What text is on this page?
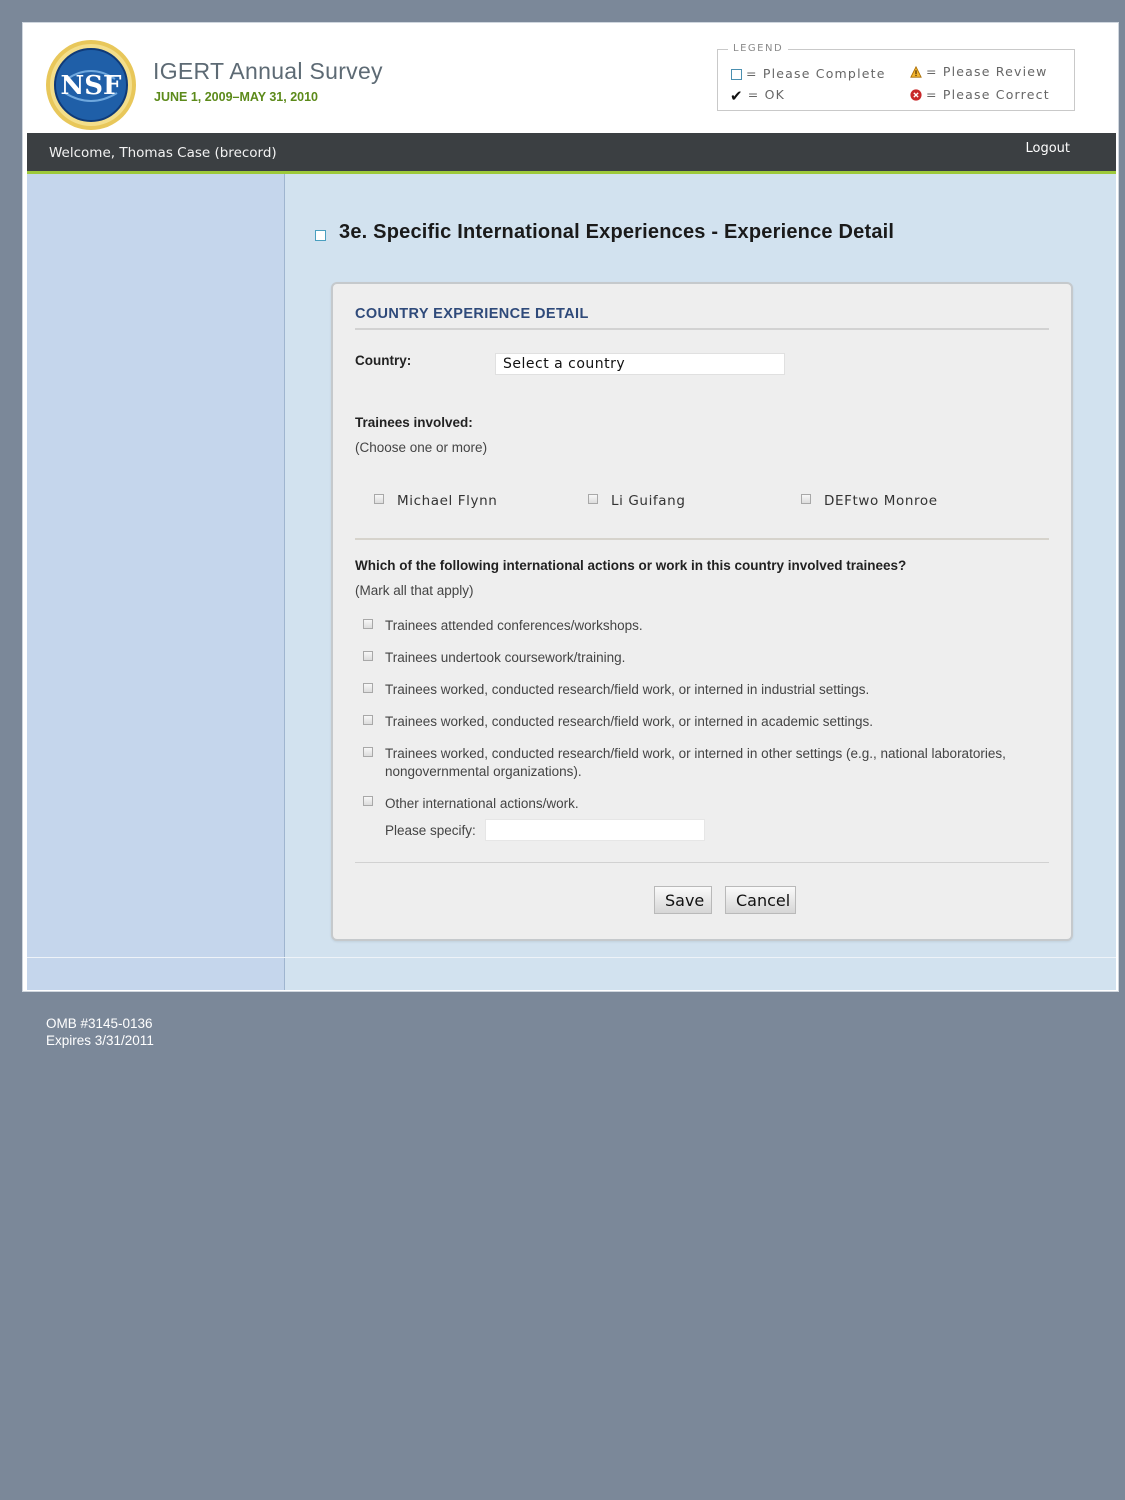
NSF IGERT Annual Survey
JUNE 1, 2009–MAY 31, 2010
LEGEND
= Please Complete	= Please Review
✔ = OK	= Please Correct
Welcome, Thomas Case (brecord)	Logout
3e. Specific International Experiences - Experience Detail
COUNTRY EXPERIENCE DETAIL
Country:	Select a country
Trainees involved:
(Choose one or more)
Michael Flynn	Li Guifang	DEFtwo Monroe
Which of the following international actions or work in this country involved trainees?
(Mark all that apply)
Trainees attended conferences/workshops.
Trainees undertook coursework/training.
Trainees worked, conducted research/field work, or interned in industrial settings.
Trainees worked, conducted research/field work, or interned in academic settings.
Trainees worked, conducted research/field work, or interned in other settings (e.g., national laboratories, nongovernmental organizations).
Other international actions/work.
Please specify:
Save	Cancel
OMB #3145-0136
Expires 3/31/2011
